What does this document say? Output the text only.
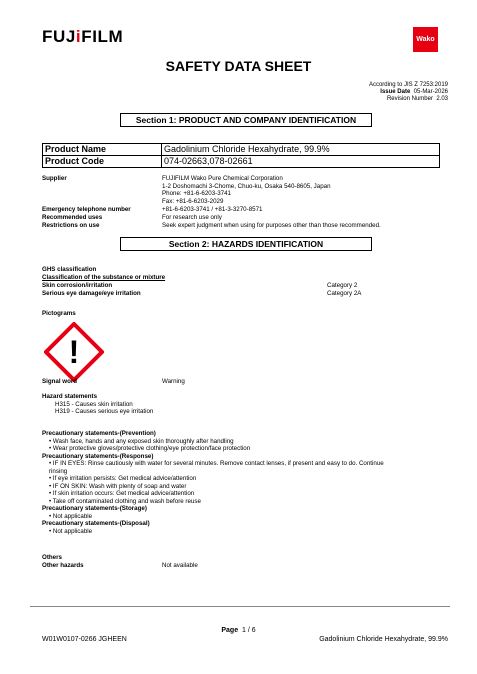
FUJiFILM	Wako
SAFETY DATA SHEET
According to JIS Z 7253:2019
Issue Date 05-Mar-2026
Revision Number 2.03
Section 1: PRODUCT AND COMPANY IDENTIFICATION
Product Name	Gadolinium Chloride Hexahydrate, 99.9%
Product Code	074-02663,078-02661
Supplier	FUJIFILM Wako Pure Chemical Corporation
1-2 Doshomachi 3-Chome, Chuo-ku, Osaka 540-8605, Japan
Phone: +81-6-6203-3741
Fax: +81-6-6203-2029
Emergency telephone number	+81-6-6203-3741 / +81-3-3270-8571
Recommended uses	For research use only
Restrictions on use	Seek expert judgment when using for purposes other than those recommended.
Section 2: HAZARDS IDENTIFICATION
GHS classification
Classification of the substance or mixture
Skin corrosion/irritation	Category 2
Serious eye damage/eye irritation	Category 2A
Pictograms
!
Signal word	Warning
Hazard statements
H315 - Causes skin irritation
H319 - Causes serious eye irritation
Precautionary statements-(Prevention)
• Wash face, hands and any exposed skin thoroughly after handling
• Wear protective gloves/protective clothing/eye protection/face protection
Precautionary statements-(Response)
• IF IN EYES: Rinse cautiously with water for several minutes. Remove contact lenses, if present and easy to do. Continue
rinsing
• If eye irritation persists: Get medical advice/attention
• IF ON SKIN: Wash with plenty of soap and water
• If skin irritation occurs: Get medical advice/attention
• Take off contaminated clothing and wash before reuse
Precautionary statements-(Storage)
• Not applicable
Precautionary statements-(Disposal)
• Not applicable
Others
Other hazards	Not available
Page 1 / 6
W01W0107-0266 JGHEEN	Gadolinium Chloride Hexahydrate, 99.9%
